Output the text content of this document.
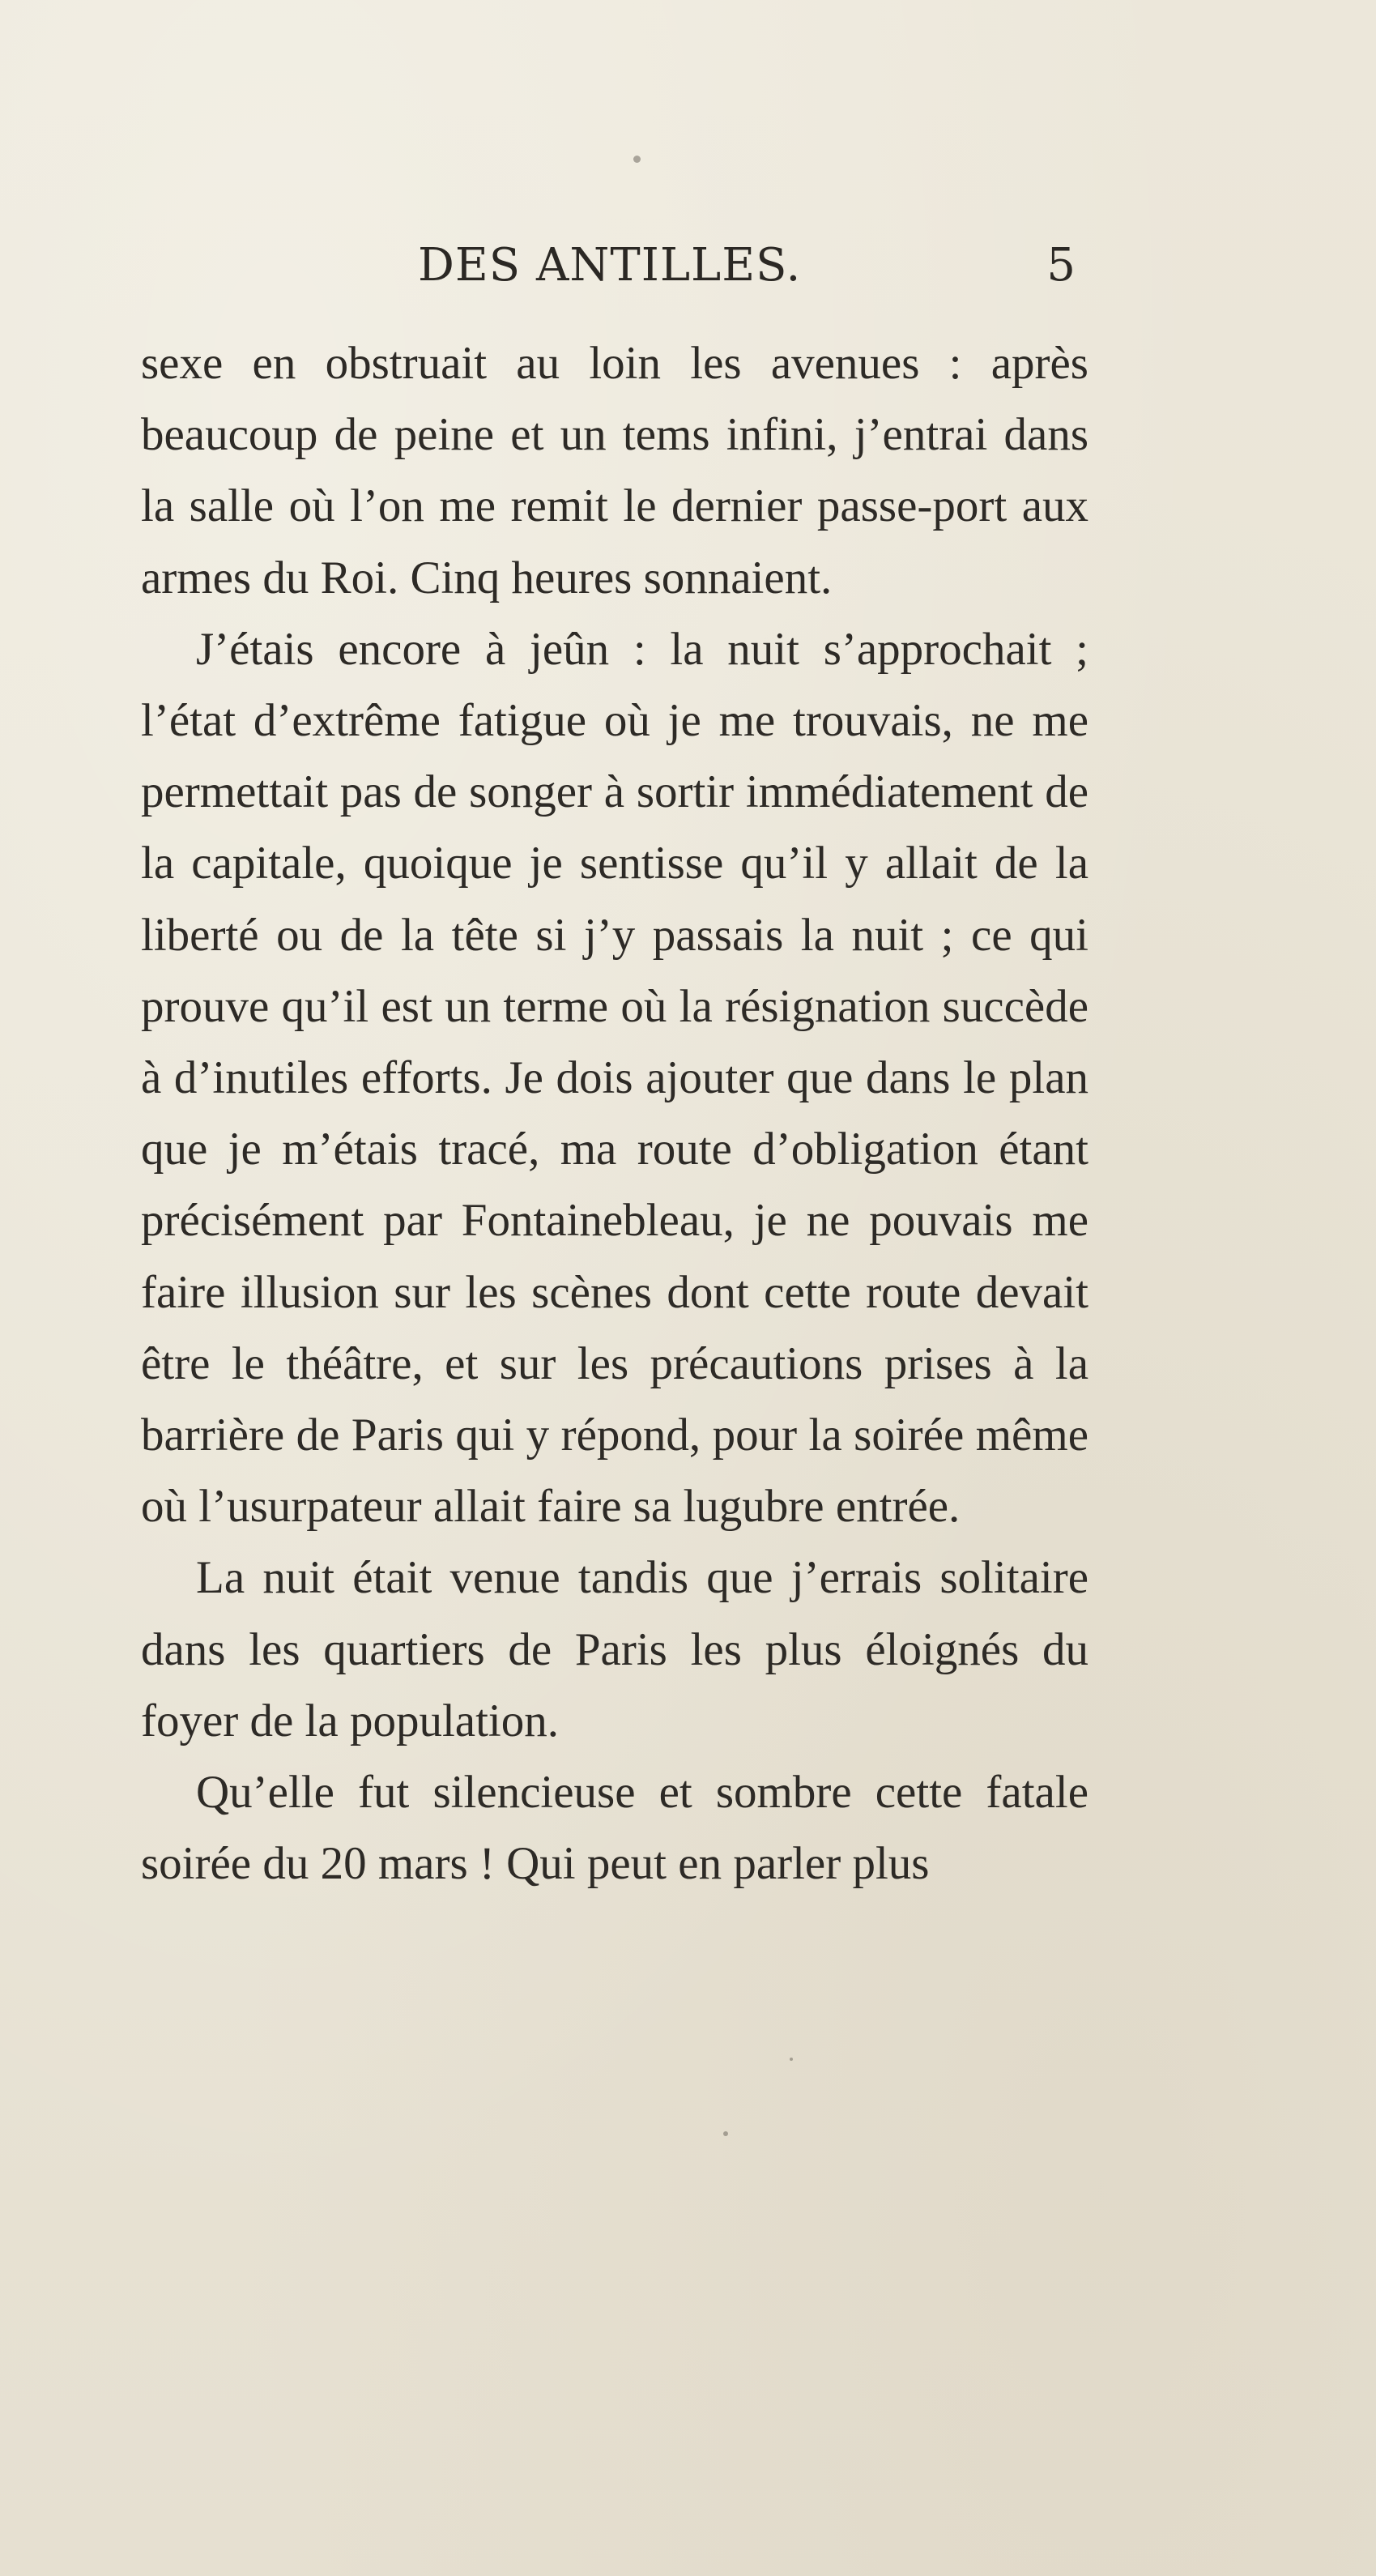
DES ANTILLES.	5

sexe en obstruait au loin les avenues : après beaucoup de peine et un tems infini, j’entrai dans la salle où l’on me remit le dernier passe-port aux armes du Roi. Cinq heures sonnaient.

J’étais encore à jeûn : la nuit s’approchait ; l’état d’extrême fatigue où je me trouvais, ne me permettait pas de songer à sortir immédiatement de la capitale, quoique je sentisse qu’il y allait de la liberté ou de la tête si j’y passais la nuit ; ce qui prouve qu’il est un terme où la résignation succède à d’inutiles efforts. Je dois ajouter que dans le plan que je m’étais tracé, ma route d’obligation étant précisément par Fontainebleau, je ne pouvais me faire illusion sur les scènes dont cette route devait être le théâtre, et sur les précautions prises à la barrière de Paris qui y répond, pour la soirée même où l’usurpateur allait faire sa lugubre entrée.

La nuit était venue tandis que j’errais solitaire dans les quartiers de Paris les plus éloignés du foyer de la population.

Qu’elle fut silencieuse et sombre cette fatale soirée du 20 mars ! Qui peut en parler plus
